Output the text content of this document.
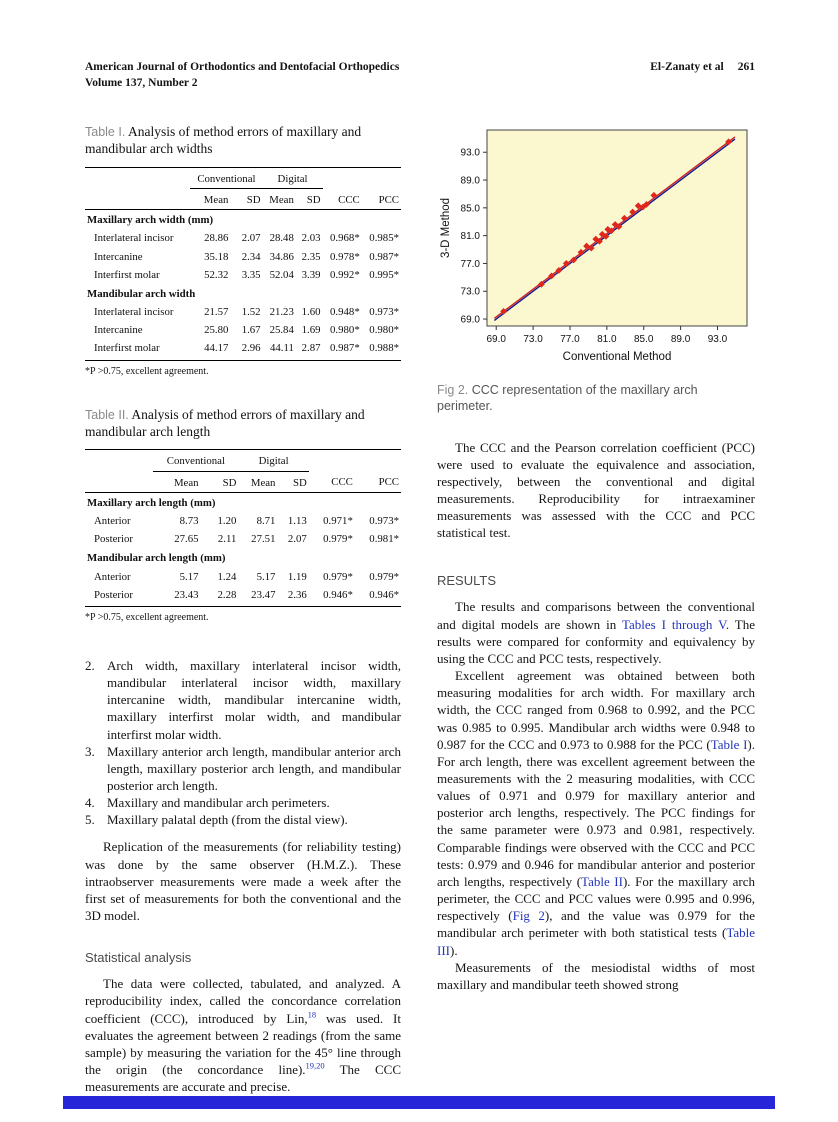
American Journal of Orthodontics and Dentofacial Orthopedics
Volume 137, Number 2
El-Zanaty et al 261
Table I. Analysis of method errors of maxillary and mandibular arch widths
	Conventional		Digital			
	Mean	SD	Mean	SD	CCC	PCC
Maxillary arch width (mm)						
Interlateral incisor	28.86	2.07	28.48	2.03	0.968*	0.985*
Intercanine	35.18	2.34	34.86	2.35	0.978*	0.987*
Interfirst molar	52.32	3.35	52.04	3.39	0.992*	0.995*
Mandibular arch width						
Interlateral incisor	21.57	1.52	21.23	1.60	0.948*	0.973*
Intercanine	25.80	1.67	25.84	1.69	0.980*	0.980*
Interfirst molar	44.17	2.96	44.11	2.87	0.987*	0.988*
*P >0.75, excellent agreement.
Table II. Analysis of method errors of maxillary and mandibular arch length
	Conventional		Digital			
	Mean	SD	Mean	SD	CCC	PCC
Maxillary arch length (mm)						
Anterior	8.73	1.20	8.71	1.13	0.971*	0.973*
Posterior	27.65	2.11	27.51	2.07	0.979*	0.981*
Mandibular arch length (mm)						
Anterior	5.17	1.24	5.17	1.19	0.979*	0.979*
Posterior	23.43	2.28	23.47	2.36	0.946*	0.946*
*P >0.75, excellent agreement.
2. Arch width, maxillary interlateral incisor width, mandibular interlateral incisor width, maxillary intercanine width, mandibular intercanine width, maxillary interfirst molar width, and mandibular interfirst molar width.
3. Maxillary anterior arch length, mandibular anterior arch length, maxillary posterior arch length, and mandibular posterior arch length.
4. Maxillary and mandibular arch perimeters.
5. Maxillary palatal depth (from the distal view).

Replication of the measurements (for reliability testing) was done by the same observer (H.M.Z.). These intraobserver measurements were made a week after the first set of measurements for both the conventional and the 3D model.

Statistical analysis

The data were collected, tabulated, and analyzed. A reproducibility index, called the concordance correlation coefficient (CCC), introduced by Lin,$^{18}$ was used. It evaluates the agreement between 2 readings (from the same sample) by measuring the variation for the 45° line through the origin (the concordance line).$^{19,20}$ The CCC measurements are accurate and precise.

69.0
69.0
73.0
73.0
77.0
77.0
81.0
81.0
85.0
85.0
89.0
89.0
93.0
93.0
Conventional Method
3-D Method
Fig 2. CCC representation of the maxillary arch perimeter.

The CCC and the Pearson correlation coefficient (PCC) were used to evaluate the equivalence and association, respectively, between the conventional and digital measurements. Reproducibility for intraexaminer measurements was assessed with the CCC and PCC statistical test.

RESULTS

The results and comparisons between the conventional and digital models are shown in Tables I through V. The results were compared for conformity and equivalency by using the CCC and PCC tests, respectively.

Excellent agreement was obtained between both measuring modalities for arch width. For maxillary arch width, the CCC ranged from 0.968 to 0.992, and the PCC was 0.985 to 0.995. Mandibular arch widths were 0.948 to 0.987 for the CCC and 0.973 to 0.988 for the PCC (Table I). For arch length, there was excellent agreement between the measurements with the 2 measuring modalities, with CCC values of 0.971 and 0.979 for maxillary anterior and posterior arch lengths, respectively. The PCC findings for the same parameter were 0.973 and 0.981, respectively. Comparable findings were observed with the CCC and PCC tests: 0.979 and 0.946 for mandibular anterior and posterior arch lengths, respectively (Table II). For the maxillary arch perimeter, the CCC and PCC values were 0.995 and 0.996, respectively (Fig 2), and the value was 0.979 for the mandibular arch perimeter with both statistical tests (Table III).

Measurements of the mesiodistal widths of most maxillary and mandibular teeth showed strong
